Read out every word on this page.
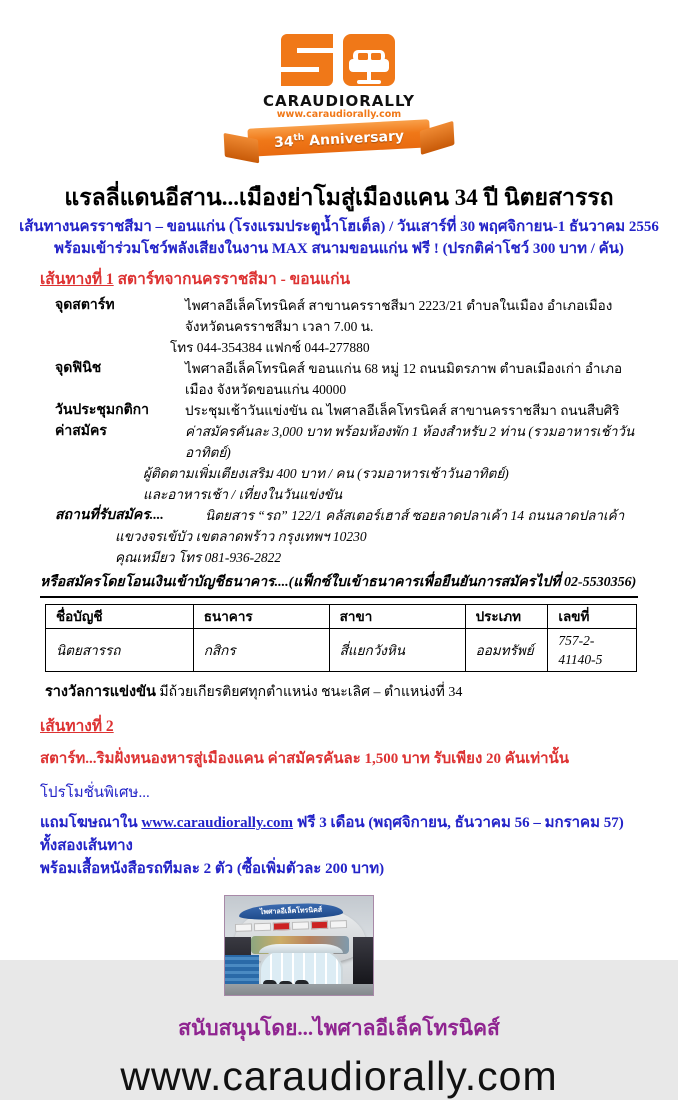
CARAUDIORALLY
www.caraudiorally.com
34th Anniversary
แรลลี่แดนอีสาน...เมืองย่าโมสู่เมืองแคน 34 ปี นิตยสารรถ
เส้นทางนครราชสีมา – ขอนแก่น (โรงแรมประตูน้ำโฮเต็ล) / วันเสาร์ที่ 30 พฤศจิกายน-1 ธันวาคม 2556
พร้อมเข้าร่วมโชว์พลังเสียงในงาน MAX สนามขอนแก่น ฟรี ! (ปรกติค่าโชว์ 300 บาท / คัน)
เส้นทางที่ 1 สตาร์ทจากนครราชสีมา - ขอนแก่น
จุดสตาร์ท	ไพศาลอีเล็คโทรนิคส์ สาขานครราชสีมา 2223/21 ตำบลในเมือง อำเภอเมือง จังหวัดนครราชสีมา เวลา 7.00 น.
โทร 044-354384 แฟกซ์ 044-277880
จุดฟินิช	ไพศาลอีเล็คโทรนิคส์ ขอนแก่น 68 หมู่ 12 ถนนมิตรภาพ ตำบลเมืองเก่า อำเภอเมือง จังหวัดขอนแก่น 40000
วันประชุมกติกา	ประชุมเช้าวันแข่งขัน ณ ไพศาลอีเล็คโทรนิคส์ สาขานครราชสีมา ถนนสืบศิริ
ค่าสมัคร	ค่าสมัครคันละ 3,000 บาท พร้อมห้องพัก 1 ห้องสำหรับ 2 ท่าน (รวมอาหารเช้าวันอาทิตย์)
ผู้ติดตามเพิ่มเตียงเสริม 400 บาท / คน (รวมอาหารเช้าวันอาทิตย์)
และอาหารเช้า / เที่ยงในวันแข่งขัน
สถานที่รับสมัคร....	นิตยสาร “รถ” 122/1 คลัสเตอร์เฮาส์ ซอยลาดปลาเค้า 14 ถนนลาดปลาเค้า
แขวงจรเข้บัว เขตลาดพร้าว กรุงเทพฯ 10230
คุณเหมียว โทร 081-936-2822
หรือสมัครโดยโอนเงินเข้าบัญชีธนาคาร....(แฟ็กซ์ใบเข้าธนาคารเพื่อยืนยันการสมัครไปที่ 02-5530356)
ชื่อบัญชี	ธนาคาร	สาขา	ประเภท	เลขที่
นิตยสารรถ	กสิกร	สี่แยกวังหิน	ออมทรัพย์	757-2-41140-5
รางวัลการแข่งขัน มีถ้วยเกียรติยศทุกตำแหน่ง ชนะเลิศ – ตำแหน่งที่ 34
เส้นทางที่ 2
สตาร์ท...ริมฝั่งหนองหารสู่เมืองแคน ค่าสมัครคันละ 1,500 บาท รับเพียง 20 คันเท่านั้น
โปรโมชั่นพิเศษ...
แถมโฆษณาใน www.caraudiorally.com ฟรี 3 เดือน (พฤศจิกายน, ธันวาคม 56 – มกราคม 57) ทั้งสองเส้นทาง
พร้อมเสื้อหนังสือรถทีมละ 2 ตัว (ซื้อเพิ่มตัวละ 200 บาท)
ไพศาลอีเล็คโทรนิคส์
สนับสนุนโดย...ไพศาลอีเล็คโทรนิคส์
www.caraudiorally.com
